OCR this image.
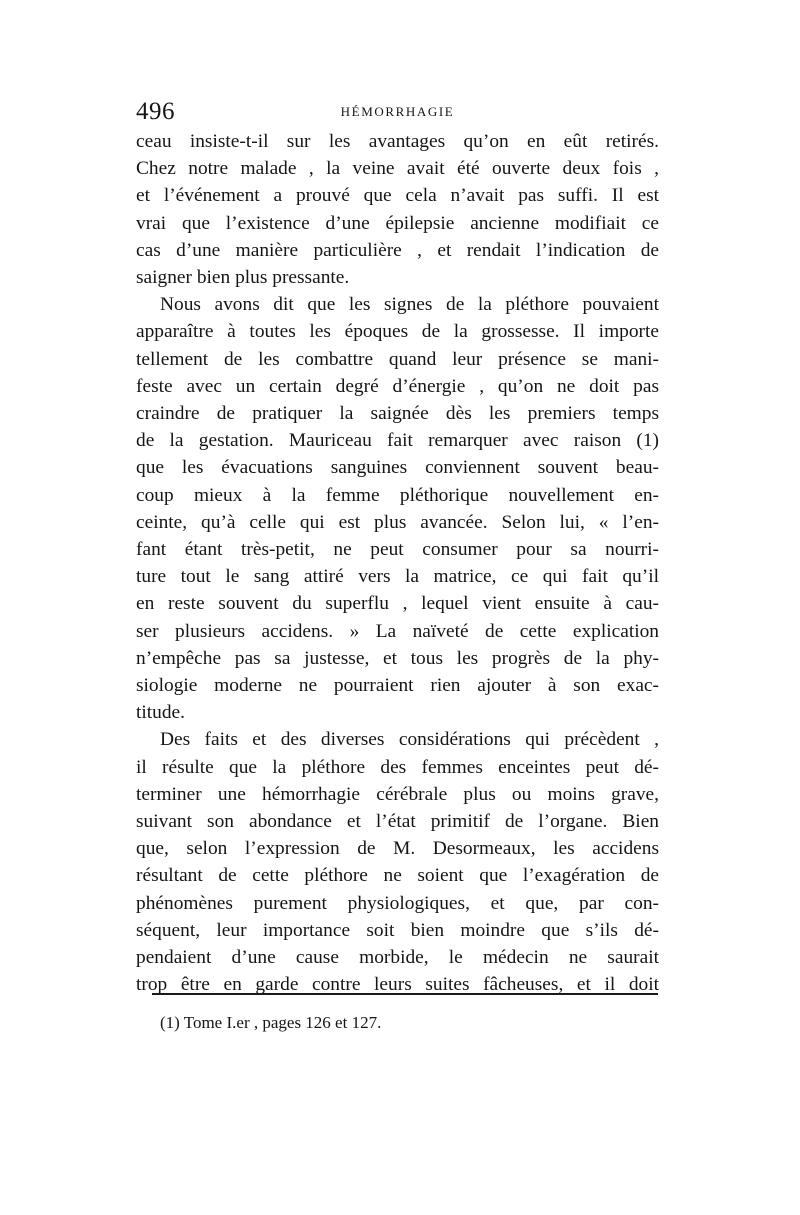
496	HÉMORRHAGIE
ceau insiste-t-il sur les avantages qu’on en eût retirés.
Chez notre malade , la veine avait été ouverte deux fois ,
et l’événement a prouvé que cela n’avait pas suffi. Il est
vrai que l’existence d’une épilepsie ancienne modifiait ce
cas d’une manière particulière , et rendait l’indication de
saigner bien plus pressante.
Nous avons dit que les signes de la pléthore pouvaient
apparaître à toutes les époques de la grossesse. Il importe
tellement de les combattre quand leur présence se mani-
feste avec un certain degré d’énergie , qu’on ne doit pas
craindre de pratiquer la saignée dès les premiers temps
de la gestation. Mauriceau fait remarquer avec raison (1)
que les évacuations sanguines conviennent souvent beau-
coup mieux à la femme pléthorique nouvellement en-
ceinte, qu’à celle qui est plus avancée. Selon lui, « l’en-
fant étant très-petit, ne peut consumer pour sa nourri-
ture tout le sang attiré vers la matrice, ce qui fait qu’il
en reste souvent du superflu , lequel vient ensuite à cau-
ser plusieurs accidens. » La naïveté de cette explication
n’empêche pas sa justesse, et tous les progrès de la phy-
siologie moderne ne pourraient rien ajouter à son exac-
titude.
Des faits et des diverses considérations qui précèdent ,
il résulte que la pléthore des femmes enceintes peut dé-
terminer une hémorrhagie cérébrale plus ou moins grave,
suivant son abondance et l’état primitif de l’organe. Bien
que, selon l’expression de M. Desormeaux, les accidens
résultant de cette pléthore ne soient que l’exagération de
phénomènes purement physiologiques, et que, par con-
séquent, leur importance soit bien moindre que s’ils dé-
pendaient d’une cause morbide, le médecin ne saurait
trop être en garde contre leurs suites fâcheuses, et il doit
(1) Tome I.er , pages 126 et 127.
